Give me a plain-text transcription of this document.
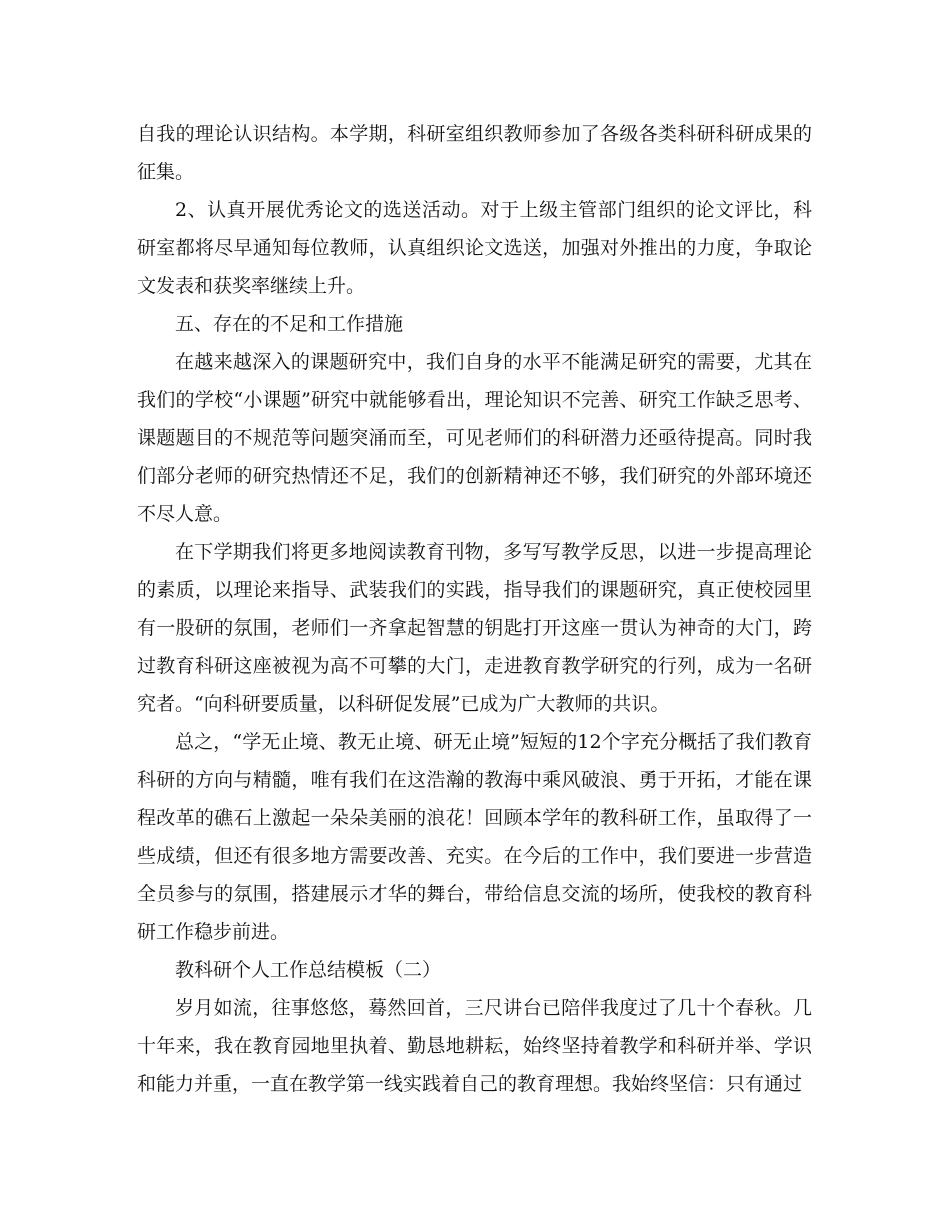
自我的理论认识结构。本学期，科研室组织教师参加了各级各类科研科研成果的征集。

2、认真开展优秀论文的选送活动。对于上级主管部门组织的论文评比，科研室都将尽早通知每位教师，认真组织论文选送，加强对外推出的力度，争取论文发表和获奖率继续上升。

五、存在的不足和工作措施

在越来越深入的课题研究中，我们自身的水平不能满足研究的需要，尤其在我们的学校“小课题”研究中就能够看出，理论知识不完善、研究工作缺乏思考、课题题目的不规范等问题突涌而至，可见老师们的科研潜力还亟待提高。同时我们部分老师的研究热情还不足，我们的创新精神还不够，我们研究的外部环境还不尽人意。

在下学期我们将更多地阅读教育刊物，多写写教学反思，以进一步提高理论的素质，以理论来指导、武装我们的实践，指导我们的课题研究，真正使校园里有一股研的氛围，老师们一齐拿起智慧的钥匙打开这座一贯认为神奇的大门，跨过教育科研这座被视为高不可攀的大门，走进教育教学研究的行列，成为一名研究者。“向科研要质量，以科研促发展”已成为广大教师的共识。

总之，“学无止境、教无止境、研无止境”短短的12个字充分概括了我们教育科研的方向与精髓，唯有我们在这浩瀚的教海中乘风破浪、勇于开拓，才能在课程改革的礁石上激起一朵朵美丽的浪花！回顾本学年的教科研工作，虽取得了一些成绩，但还有很多地方需要改善、充实。在今后的工作中，我们要进一步营造全员参与的氛围，搭建展示才华的舞台，带给信息交流的场所，使我校的教育科研工作稳步前进。

教科研个人工作总结模板（二）

岁月如流，往事悠悠，蓦然回首，三尺讲台已陪伴我度过了几十个春秋。几十年来，我在教育园地里执着、勤恳地耕耘，始终坚持着教学和科研并举、学识和能力并重，一直在教学第一线实践着自己的教育理想。我始终坚信：只有通过
